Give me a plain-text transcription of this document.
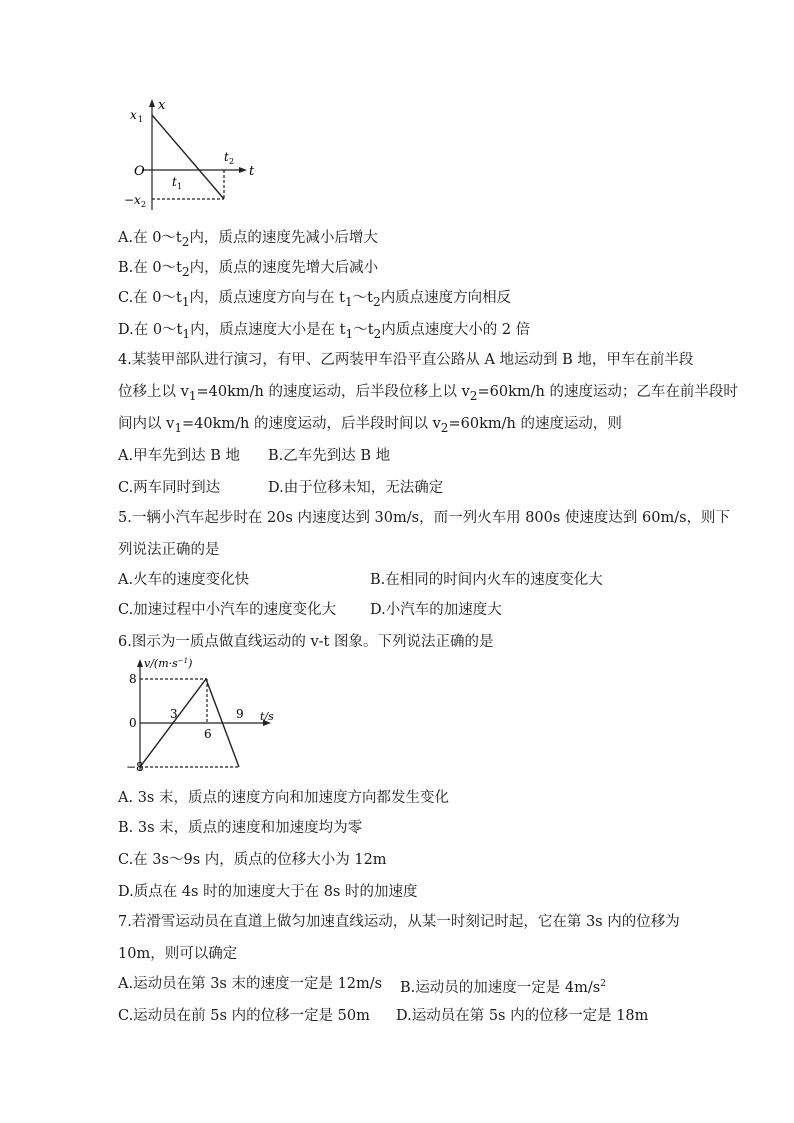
x
t
x 1
O
t 1
t 2
−x 2
A.在 $0\sim t_2$内，质点的速度先减小后增大
B.在 $0\sim t_2$内，质点的速度先增大后减小
C.在 $0\sim t_1$内，质点速度方向与在 $t_1\sim t_2$内质点速度方向相反
D.在 $0\sim t_1$内，质点速度大小是在 $t_1\sim t_2$内质点速度大小的 2 倍
4.某装甲部队进行演习，有甲、乙两装甲车沿平直公路从 A 地运动到 B 地，甲车在前半段
位移上以 $v_1=40km/h$ 的速度运动，后半段位移上以 $v_2=60km/h$ 的速度运动；乙车在前半段时
间内以 $v_1=40km/h$ 的速度运动，后半段时间以 $v_2=60km/h$ 的速度运动，则
A.甲车先到达 B 地 B.乙车先到达 B 地
C.两车同时到达	D.由于位移未知，无法确定
5.一辆小汽车起步时在 20s 内速度达到 30m/s，而一列火车用 800s 使速度达到 60m/s，则下
列说法正确的是
A.火车的速度变化快	B.在相同的时间内火车的速度变化大
C.加速过程中小汽车的速度变化大 D.小汽车的加速度大
6.图示为一质点做直线运动的 v-t 图象。下列说法正确的是
$v/(m\cdot s^{-1})$
t/s
8
0
−8
3
6
9
A. 3s 末，质点的速度方向和加速度方向都发生变化
B. 3s 末，质点的速度和加速度均为零
C.在 3s～9s 内，质点的位移大小为 12m
D.质点在 4s 时的加速度大于在 8s 时的加速度
7.若滑雪运动员在直道上做匀加速直线运动，从某一时刻记时起，它在第 3s 内的位移为
10m，则可以确定
A.运动员在第 3s 末的速度一定是 12m/s B.运动员的加速度一定是 $4m/s^2$
C.运动员在前 5s 内的位移一定是 50m D.运动员在第 5s 内的位移一定是 18m
